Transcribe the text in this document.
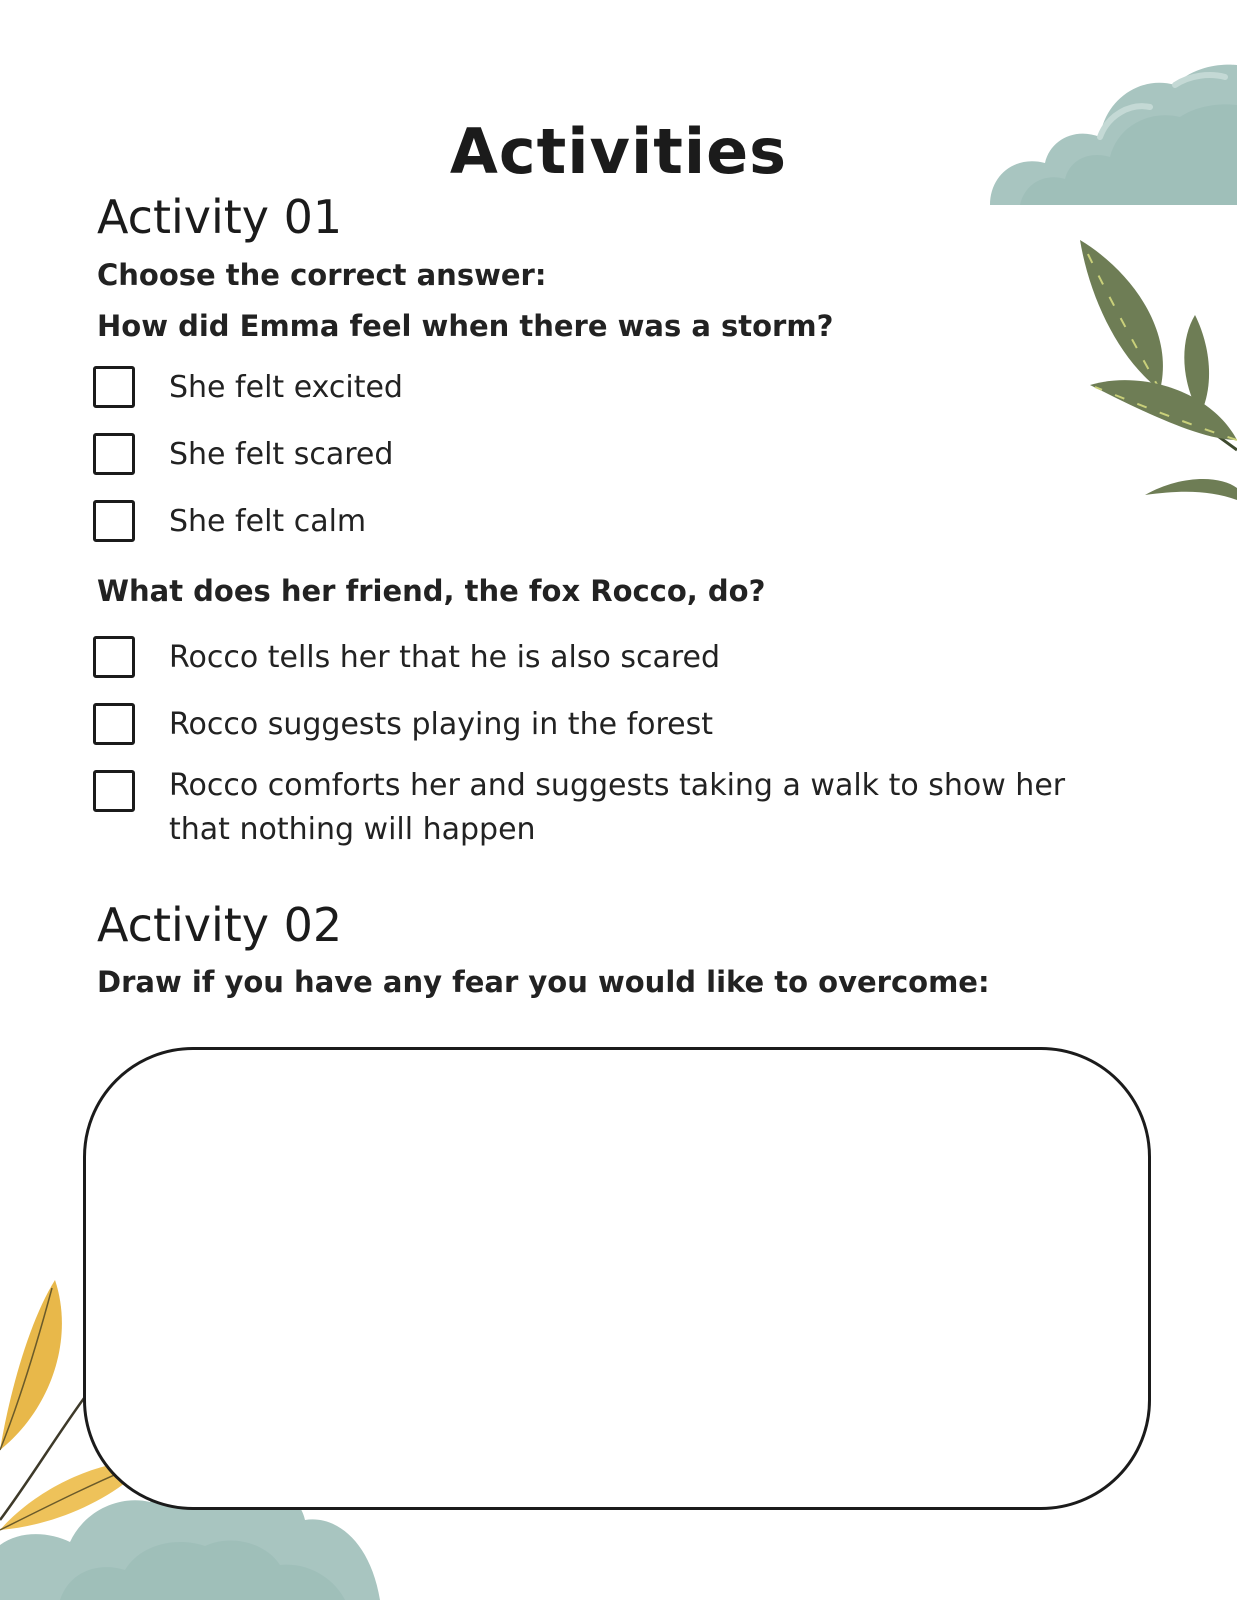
Activities
Activity 01
Choose the correct answer:
How did Emma feel when there was a storm?
She felt excited
She felt scared
She felt calm
What does her friend, the fox Rocco, do?
Rocco tells her that he is also scared
Rocco suggests playing in the forest
Rocco comforts her and suggests taking a walk to show her that nothing will happen
Activity 02
Draw if you have any fear you would like to overcome:
